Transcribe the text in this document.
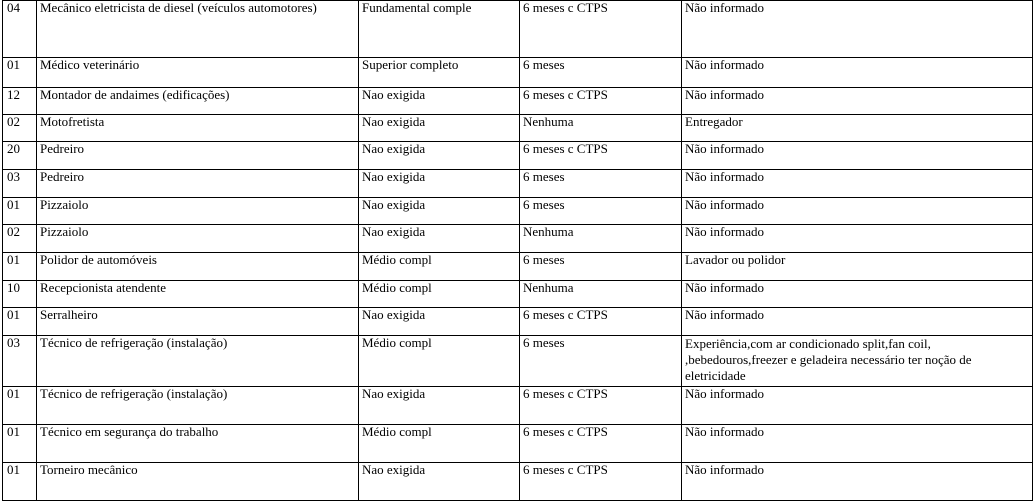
04	Mecânico eletricista de diesel (veículos automotores)	Fundamental comple	6 meses c CTPS	Não informado
01	Médico veterinário	Superior completo	6 meses	Não informado
12	Montador de andaimes (edificações)	Nao exigida	6 meses c CTPS	Não informado
02	Motofretista	Nao exigida	Nenhuma	Entregador
20	Pedreiro	Nao exigida	6 meses c CTPS	Não informado
03	Pedreiro	Nao exigida	6 meses	Não informado
01	Pizzaiolo	Nao exigida	6 meses	Não informado
02	Pizzaiolo	Nao exigida	Nenhuma	Não informado
01	Polidor de automóveis	Médio compl	6 meses	Lavador ou polidor
10	Recepcionista atendente	Médio compl	Nenhuma	Não informado
01	Serralheiro	Nao exigida	6 meses c CTPS	Não informado
03	Técnico de refrigeração (instalação)	Médio compl	6 meses	Experiência,com ar condicionado split,fan coil, ,bebedouros,freezer e geladeira necessário ter noção de eletricidade
01	Técnico de refrigeração (instalação)	Nao exigida	6 meses c CTPS	Não informado
01	Técnico em segurança do trabalho	Médio compl	6 meses c CTPS	Não informado
01	Torneiro mecânico	Nao exigida	6 meses c CTPS	Não informado
